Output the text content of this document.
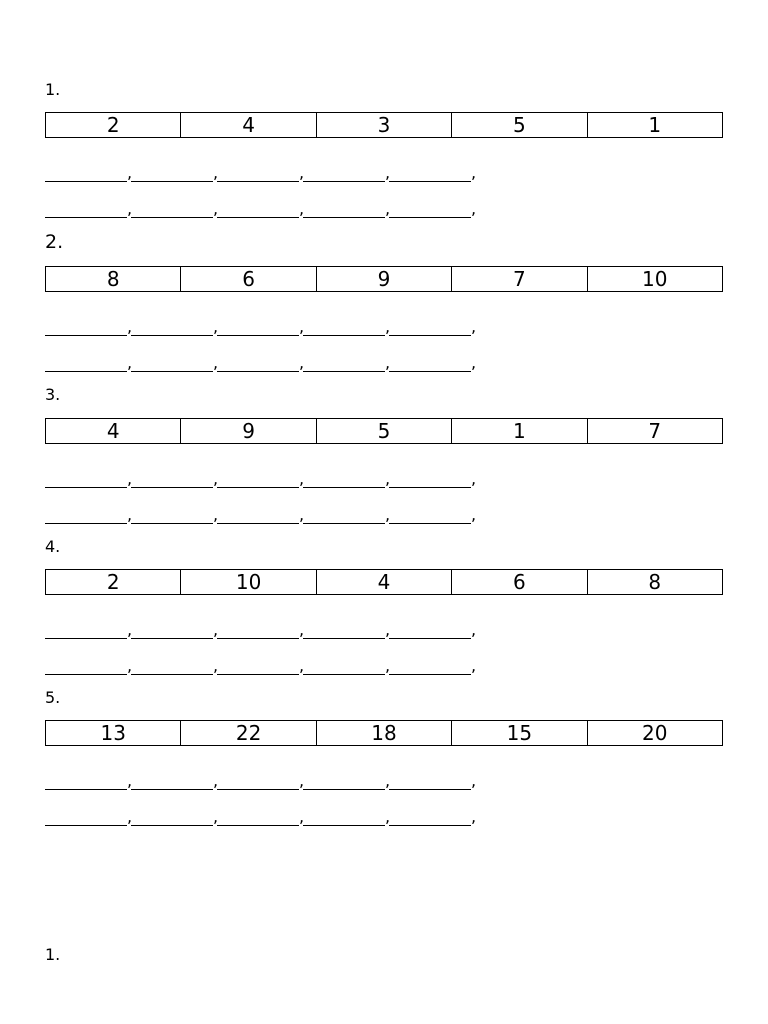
1.
2	4	3	5	1
,	,	,	,	,
,	,	,	,	,
2.
8	6	9	7	10
,	,	,	,	,
,	,	,	,	,
3.
4	9	5	1	7
,	,	,	,	,
,	,	,	,	,
4.
2	10	4	6	8
,	,	,	,	,
,	,	,	,	,
5.
13	22	18	15	20
,	,	,	,	,
,	,	,	,	,
1.
